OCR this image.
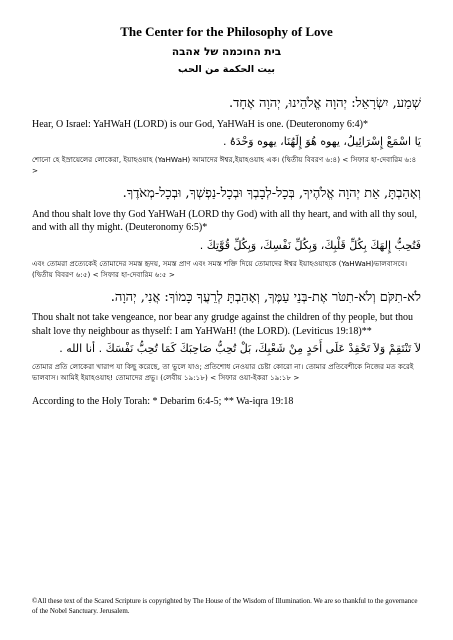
The Center for the Philosophy of Love
בית החוכמה של אהבה
بيت الحكمة من الحب

שְׁמַע, יִשְׂרָאֵל: יְהוָה אֱלֹהֵינוּ, יְהוָה אֶחָד.

Hear, O Israel: YaHWaH (LORD) is our God, YaHWaH is one. (Deuteronomy 6:4)*

يَا اسْمَعْ إِسْرَائِيلُ، يهوه هُوَ إِلَهُنَا، يهوه وَحْدَهُ .

শোনো হে ইস্রায়েলের লোকেরা, ইয়াহওয়াহ (YaHWaH) আমাদের ঈশ্বর,ইয়াহওয়াহ এক। (দ্বিতীয় বিবরণ ৬:৪) < সিফার হা-দেবারিম ৬:৪ >

וְאָהַבְתָּ, אֵת יְהוָה אֱלֹהֶיךָ, בְּכָל-לְבָבְךָ וּבְכָל-נַפְשְׁךָ, וּבְכָל-מְאֹדֶךָ.

And thou shalt love thy God YaHWaH (LORD thy God) with all thy heart, and with all thy soul, and with all thy might. (Deuteronomy 6:5)*

فَتُحِبُّ إِلهَكَ بِكُلِّ قَلْبِكَ، وَبِكُلِّ نَفْسِكَ، وَبِكُلِّ قُوَّتِكَ .

এবং তোমরা প্রত্যেকেই তোমাদের সমস্ত হৃদয়, সমস্ত প্রাণ এবং সমস্ত শক্তি দিয়ে তোমাদের ঈশ্বর ইয়াহওয়াহকে (YaHWaH)ভালবাসবে। (দ্বিতীয় বিবরণ ৬:৫) < সিফার হা-দেবারিম ৬:৫ >

לֹא-תִקֹּם וְלֹא-תִטֹּר אֶת-בְּנֵי עַמֶּךָ, וְאָהַבְתָּ לְרֵעֲךָ כָּמוֹךָ: אֲנִי, יְהוָה.

Thou shalt not take vengeance, nor bear any grudge against the children of thy people, but thou shalt love thy neighbour as thyself: I am YaHWaH! (the LORD). (Leviticus 19:18)**

لاَ تَنْتَقِمْ وَلاَ تَحْقِدْ عَلَى أَحَدٍ مِنْ شَعْبِكَ، بَلْ تُحِبُّ صَاحِبَكَ كَمَا تُحِبُّ نَفْسَكَ . أنا الله .

তোমার প্রতি লোকেরা খারাপ যা কিছু করেছে, তা ভুলে যাও; প্রতিশোধ নেওয়ার চেষ্টা কোরো না। তোমার প্রতিবেশীকে নিজের মত করেই ভালবাস। আমিই ইয়াহওয়াহ! তোমাদের প্রভু। (লেবীয় ১৯:১৮) < সিফার ওয়া-ইকরা ১৯:১৮ >

According to the Holy Torah: * Debarim 6:4-5; ** Wa-iqra 19:18

©All these text of the Scared Scripture is copyrighted by The House of the Wisdom of Illumination. We are so thankful to the governance of the Nobel Sanctuary. Jerusalem.
